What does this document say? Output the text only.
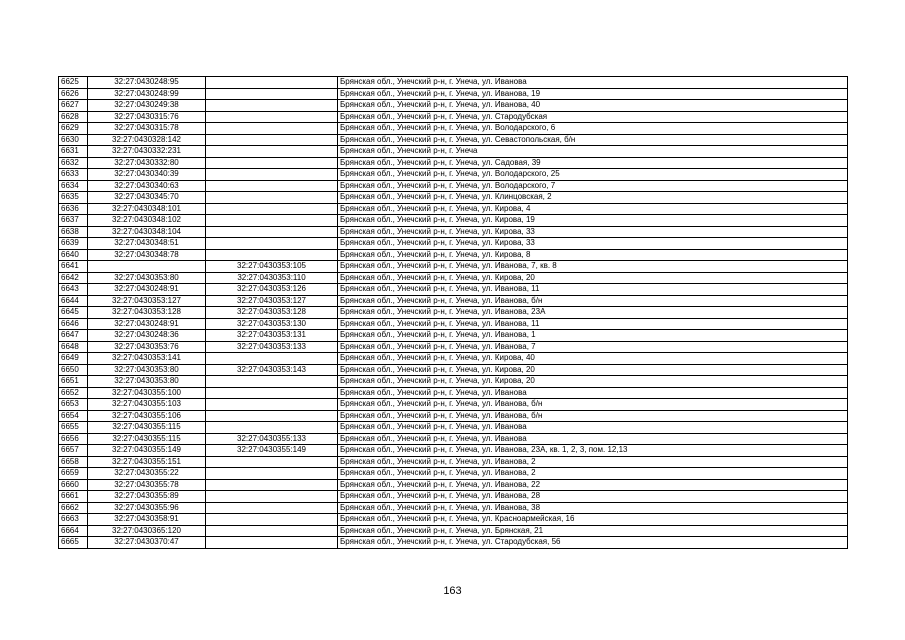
6625	32:27:0430248:95		Брянская обл., Унечский р-н, г. Унеча, ул. Иванова
6626	32:27:0430248:99		Брянская обл., Унечский р-н, г. Унеча, ул. Иванова, 19
6627	32:27:0430249:38		Брянская обл., Унечский р-н, г. Унеча, ул. Иванова, 40
6628	32:27:0430315:76		Брянская обл., Унечский р-н, г. Унеча, ул. Стародубская
6629	32:27:0430315:78		Брянская обл., Унечский р-н, г. Унеча, ул. Володарского, 6
6630	32:27:0430328:142		Брянская обл., Унечский р-н, г. Унеча, ул. Севастопольская, б/н
6631	32:27:0430332:231		Брянская обл., Унечский р-н, г. Унеча
6632	32:27:0430332:80		Брянская обл., Унечский р-н, г. Унеча, ул. Садовая, 39
6633	32:27:0430340:39		Брянская обл., Унечский р-н, г. Унеча, ул. Володарского, 25
6634	32:27:0430340:63		Брянская обл., Унечский р-н, г. Унеча, ул. Володарского, 7
6635	32:27:0430345:70		Брянская обл., Унечский р-н, г. Унеча, ул. Клинцовская, 2
6636	32:27:0430348:101		Брянская обл., Унечский р-н, г. Унеча, ул. Кирова, 4
6637	32:27:0430348:102		Брянская обл., Унечский р-н, г. Унеча, ул. Кирова, 19
6638	32:27:0430348:104		Брянская обл., Унечский р-н, г. Унеча, ул. Кирова, 33
6639	32:27:0430348:51		Брянская обл., Унечский р-н, г. Унеча, ул. Кирова, 33
6640	32:27:0430348:78		Брянская обл., Унечский р-н, г. Унеча, ул. Кирова, 8
6641		32:27:0430353:105	Брянская обл., Унечский р-н, г. Унеча, ул. Иванова, 7, кв. 8
6642	32:27:0430353:80	32:27:0430353:110	Брянская обл., Унечский р-н, г. Унеча, ул. Кирова, 20
6643	32:27:0430248:91	32:27:0430353:126	Брянская обл., Унечский р-н, г. Унеча, ул. Иванова, 11
6644	32:27:0430353:127	32:27:0430353:127	Брянская обл., Унечский р-н, г. Унеча, ул. Иванова, б/н
6645	32:27:0430353:128	32:27:0430353:128	Брянская обл., Унечский р-н, г. Унеча, ул. Иванова, 23А
6646	32:27:0430248:91	32:27:0430353:130	Брянская обл., Унечский р-н, г. Унеча, ул. Иванова, 11
6647	32:27:0430248:36	32:27:0430353:131	Брянская обл., Унечский р-н, г. Унеча, ул. Иванова, 1
6648	32:27:0430353:76	32:27:0430353:133	Брянская обл., Унечский р-н, г. Унеча, ул. Иванова, 7
6649	32:27:0430353:141		Брянская обл., Унечский р-н, г. Унеча, ул. Кирова, 40
6650	32:27:0430353:80	32:27:0430353:143	Брянская обл., Унечский р-н, г. Унеча, ул. Кирова, 20
6651	32:27:0430353:80		Брянская обл., Унечский р-н, г. Унеча, ул. Кирова, 20
6652	32:27:0430355:100		Брянская обл., Унечский р-н, г. Унеча, ул. Иванова
6653	32:27:0430355:103		Брянская обл., Унечский р-н, г. Унеча, ул. Иванова, б/н
6654	32:27:0430355:106		Брянская обл., Унечский р-н, г. Унеча, ул. Иванова, б/н
6655	32:27:0430355:115		Брянская обл., Унечский р-н, г. Унеча, ул. Иванова
6656	32:27:0430355:115	32:27:0430355:133	Брянская обл., Унечский р-н, г. Унеча, ул. Иванова
6657	32:27:0430355:149	32:27:0430355:149	Брянская обл., Унечский р-н, г. Унеча, ул. Иванова, 23А, кв. 1, 2, 3, пом. 12,13
6658	32:27:0430355:151		Брянская обл., Унечский р-н, г. Унеча, ул. Иванова, 2
6659	32:27:0430355:22		Брянская обл., Унечский р-н, г. Унеча, ул. Иванова, 2
6660	32:27:0430355:78		Брянская обл., Унечский р-н, г. Унеча, ул. Иванова, 22
6661	32:27:0430355:89		Брянская обл., Унечский р-н, г. Унеча, ул. Иванова, 28
6662	32:27:0430355:96		Брянская обл., Унечский р-н, г. Унеча, ул. Иванова, 38
6663	32:27:0430358:91		Брянская обл., Унечский р-н, г. Унеча, ул. Красноармейская, 16
6664	32:27:0430365:120		Брянская обл., Унечский р-н, г. Унеча, ул. Брянская, 21
6665	32:27:0430370:47		Брянская обл., Унечский р-н, г. Унеча, ул. Стародубская, 56
163
